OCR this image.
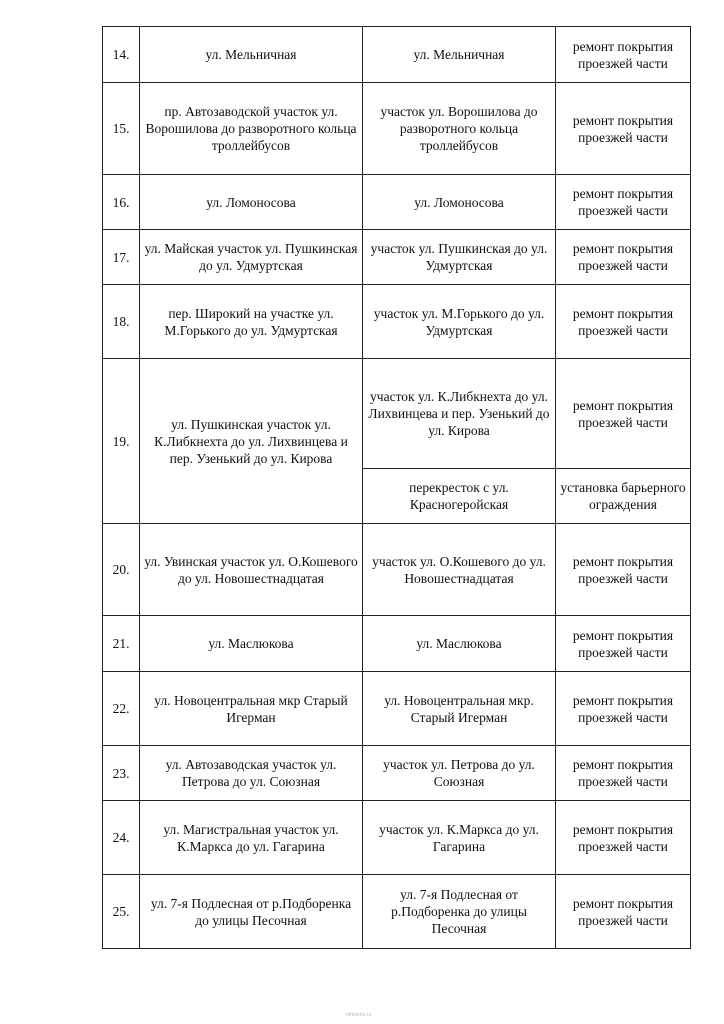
14.	ул. Мельничная	ул. Мельничная	ремонт покрытия проезжей части
15.	пр. Автозаводской участок ул. Ворошилова до разворотного кольца троллейбусов	участок ул. Ворошилова до разворотного кольца троллейбусов	ремонт покрытия проезжей части
16.	ул. Ломоносова	ул. Ломоносова	ремонт покрытия проезжей части
17.	ул. Майская участок ул. Пушкинская до ул. Удмуртская	участок ул. Пушкинская до ул. Удмуртская	ремонт покрытия проезжей части
18.	пер. Широкий на участке ул. М.Горького до ул. Удмуртская	участок ул. М.Горького до ул. Удмуртская	ремонт покрытия проезжей части
19.	ул. Пушкинская участок ул. К.Либкнехта до ул. Лихвинцева и пер. Узенький до ул. Кирова	участок ул. К.Либкнехта до ул. Лихвинцева и пер. Узенький до ул. Кирова	ремонт покрытия проезжей части
		перекресток с ул. Красногеройская	установка барьерного ограждения
20.	ул. Увинская участок ул. О.Кошевого до ул. Новошестнадцатая	участок ул. О.Кошевого до ул. Новошестнадцатая	ремонт покрытия проезжей части
21.	ул. Маслюкова	ул. Маслюкова	ремонт покрытия проезжей части
22.	ул. Новоцентральная мкр Старый Игерман	ул. Новоцентральная мкр. Старый Игерман	ремонт покрытия проезжей части
23.	ул. Автозаводская участок ул. Петрова до ул. Союзная	участок ул. Петрова до ул. Союзная	ремонт покрытия проезжей части
24.	ул. Магистральная участок ул. К.Маркса до ул. Гагарина	участок ул. К.Маркса до ул. Гагарина	ремонт покрытия проезжей части
25.	ул. 7-я Подлесная от р.Подборенка до улицы Песочная	ул. 7-я Подлесная от р.Подборенка до улицы Песочная	ремонт покрытия проезжей части
ofmosrtu.ru
